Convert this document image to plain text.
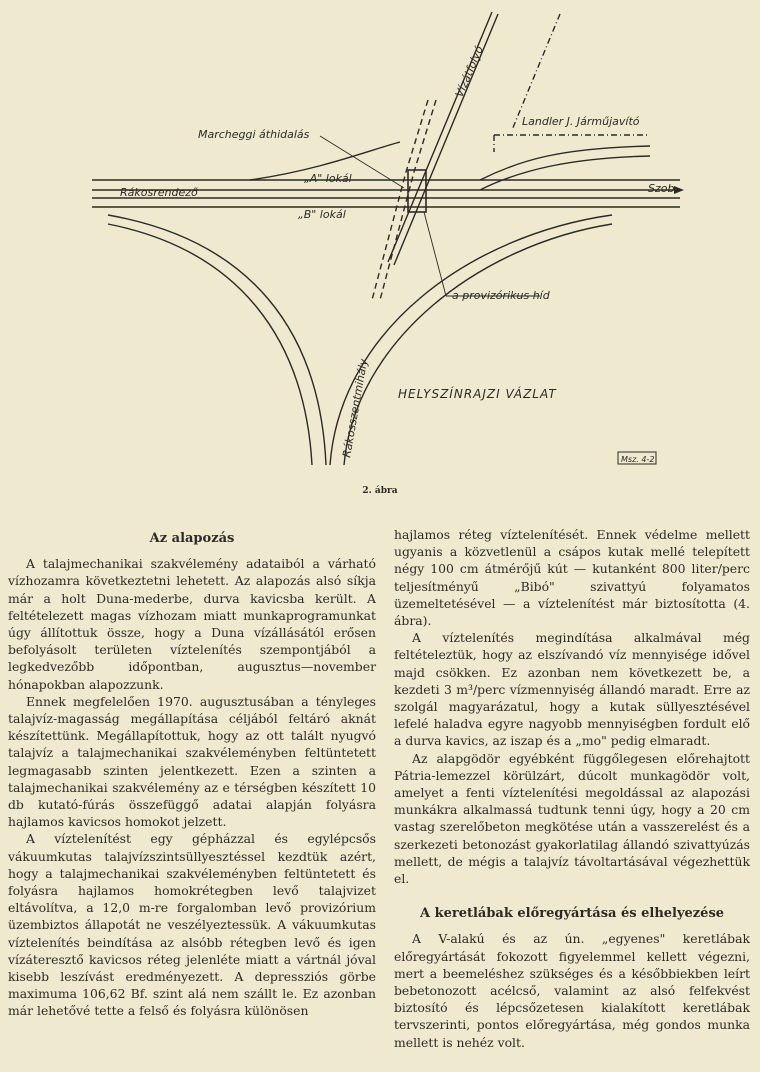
Vízátfolyó
Landler J. Járműjavító
Marcheggi áthidalás
„A" lokál
Rákosrendező	Szob
„B" lokál
a provizórikus híd
Rákosszentmihály HELYSZÍNRAJZI VÁZLAT
Msz. 4-2
2. ábra
Az alapozás

A talajmechanikai szakvélemény adataiból a várható vízhozamra következtetni lehetett. Az alapozás alsó síkja már a holt Duna-mederbe, durva kavicsba került. A feltételezett magas vízhozam miatt munkaprogramunkat úgy állítottuk össze, hogy a Duna vízállásától erősen befolyásolt területen víztelenítés szempontjából a legkedvezőbb időpontban, augusztus—november hónapokban alapozzunk.

Ennek megfelelően 1970. augusztusában a tényleges talajvíz-magasság megállapítása céljából feltáró aknát készítettünk. Megállapítottuk, hogy az ott talált nyugvó talajvíz a talajmechanikai szakvéleményben feltüntetett legmagasabb szinten jelentkezett. Ezen a szinten a talajmechanikai szakvélemény az e térségben készített 10 db kutató-fúrás összefüggő adatai alapján folyásra hajlamos kavicsos homokot jelzett.

A víztelenítést egy gépházzal és egylépcsős vákuumkutas talajvízszintsüllyesztéssel kezdtük azért, hogy a talajmechanikai szakvéleményben feltüntetett és folyásra hajlamos homokrétegben levő talajvizet eltávolítva, a 12,0 m-re forgalomban levő provizórium üzembiztos állapotát ne veszélyeztessük. A vákuumkutas víztelenítés beindítása az alsóbb rétegben levő és igen vízáteresztő kavicsos réteg jelenléte miatt a vártnál jóval kisebb leszívást eredményezett. A depressziós görbe maximuma 106,62 Bf. szint alá nem szállt le. Ez azonban már lehetővé tette a felső és folyásra különösen

hajlamos réteg víztelenítését. Ennek védelme mellett ugyanis a közvetlenül a csápos kutak mellé telepített négy 100 cm átmérőjű kút — kutanként 800 liter/perc teljesítményű „Bibó" szivattyú folyamatos üzemeltetésével — a víztelenítést már biztosította (4. ábra).

A víztelenítés megindítása alkalmával még feltételeztük, hogy az elszívandó víz mennyisége idővel majd csökken. Ez azonban nem következett be, a kezdeti 3 m³/perc vízmennyiség állandó maradt. Erre az szolgál magyarázatul, hogy a kutak süllyesztésével lefelé haladva egyre nagyobb mennyiségben fordult elő a durva kavics, az iszap és a „mo" pedig elmaradt.

Az alapgödör egyébként függőlegesen előrehajtott Pátria-lemezzel körülzárt, dúcolt munkagödör volt, amelyet a fenti víztelenítési megoldással az alapozási munkákra alkalmassá tudtunk tenni úgy, hogy a 20 cm vastag szerelőbeton megkötése után a vasszerelést és a szerkezeti betonozást gyakorlatilag állandó szivattyúzás mellett, de mégis a talajvíz távoltartásával végezhettük el.

A keretlábak előregyártása és elhelyezése

A V-alakú és az ún. „egyenes" keretlábak előregyártását fokozott figyelemmel kellett végezni, mert a beemeléshez szükséges és a későbbiekben leírt bebetonozott acélcső, valamint az alsó felfekvést biztosító és lépcsőzetesen kialakított keretlábak tervszerinti, pontos előregyártása, még gondos munka mellett is nehéz volt.
